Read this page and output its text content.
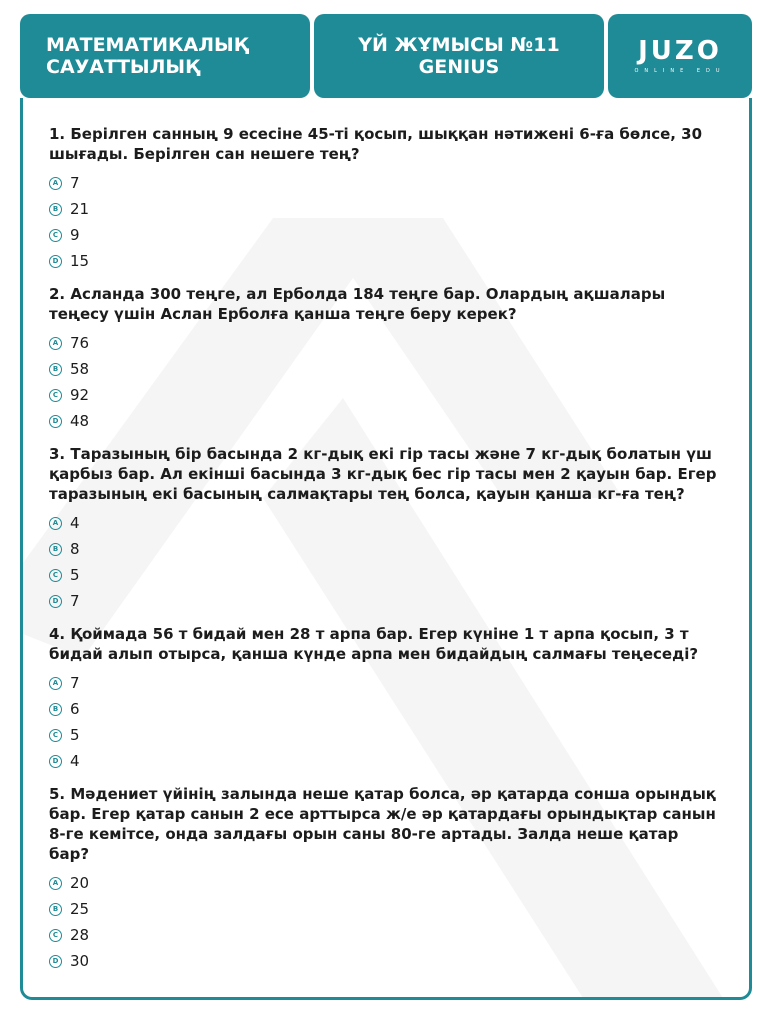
МАТЕМАТИКАЛЫҚ
САУАТТЫЛЫҚ
ҮЙ ЖҰМЫСЫ №11
GENIUS
JUZO
ONLINE EDU

1. Берілген санның 9 есесіне 45-ті қосып, шыққан нәтижені 6-ға бөлсе, 30 шығады. Берілген сан нешеге тең?

A 7
B 21
C 9
D 15

2. Асланда 300 теңге, ал Ерболда 184 теңге бар. Олардың ақшалары теңесу үшін Аслан Ерболға қанша теңге беру керек?

A 76
B 58
C 92
D 48

3. Таразының бір басында 2 кг-дық екі гір тасы және 7 кг-дық болатын үш қарбыз бар. Ал екінші басында 3 кг-дық бес гір тасы мен 2 қауын бар. Егер таразының екі басының салмақтары тең болса, қауын қанша кг-ға тең?

A 4
B 8
C 5
D 7

4. Қоймада 56 т бидай мен 28 т арпа бар. Егер күніне 1 т арпа қосып, 3 т бидай алып отырса, қанша күнде арпа мен бидайдың салмағы теңеседі?

A 7
B 6
C 5
D 4

5. Мәдениет үйінің залында неше қатар болса, әр қатарда сонша орындық бар. Егер қатар санын 2 есе арттырса ж/е әр қатардағы орындықтар санын 8-ге кемітсе, онда залдағы орын саны 80-ге артады. Залда неше қатар бар?

A 20
B 25
C 28
D 30
